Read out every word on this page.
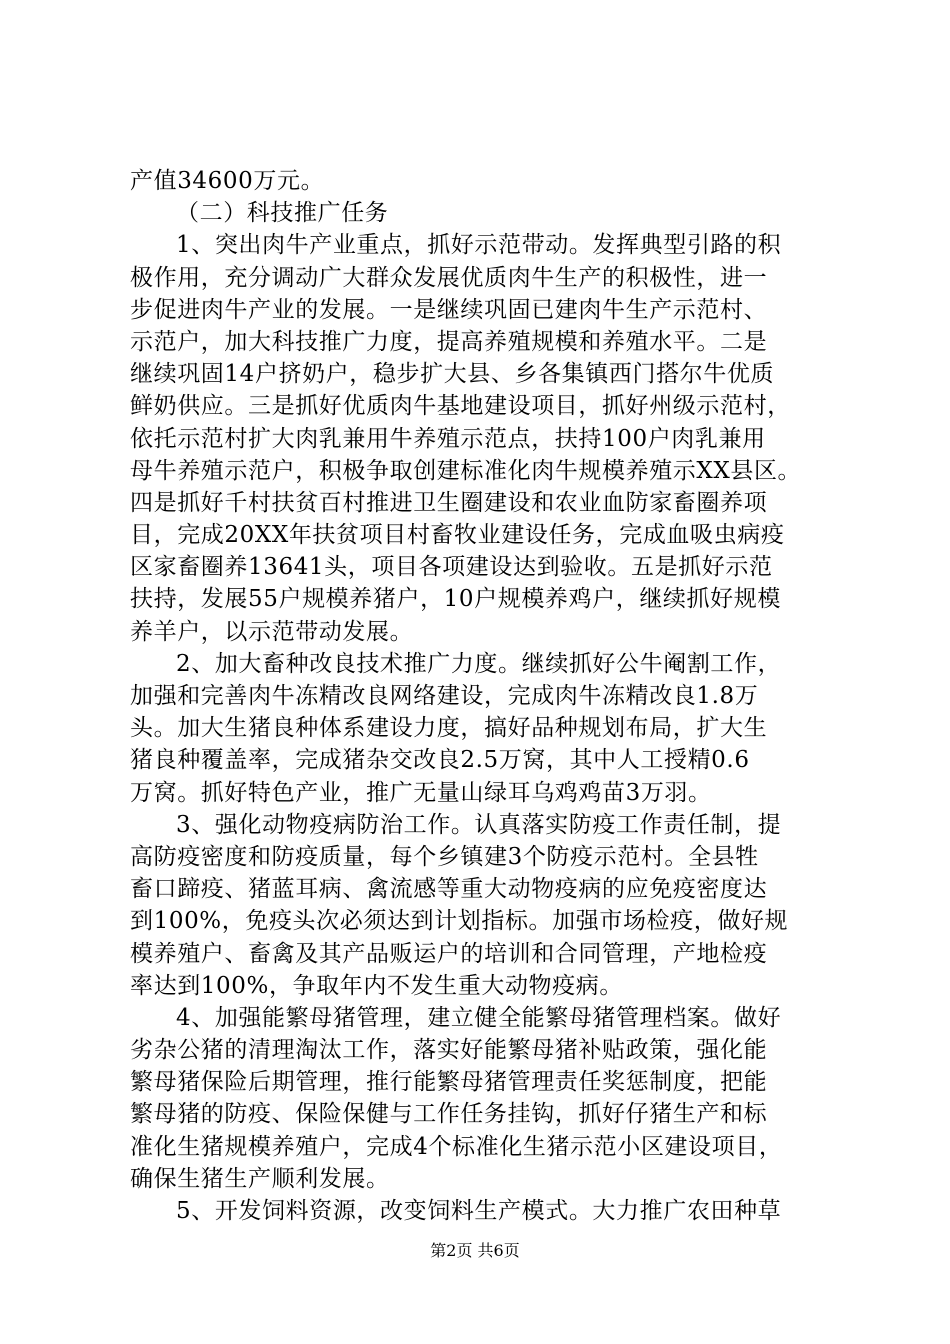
产值34600万元。
（二）科技推广任务
1、突出肉牛产业重点，抓好示范带动。发挥典型引路的积
极作用，充分调动广大群众发展优质肉牛生产的积极性，进一
步促进肉牛产业的发展。一是继续巩固已建肉牛生产示范村、
示范户，加大科技推广力度，提高养殖规模和养殖水平。二是
继续巩固14户挤奶户，稳步扩大县、乡各集镇西门搭尔牛优质
鲜奶供应。三是抓好优质肉牛基地建设项目，抓好州级示范村，
依托示范村扩大肉乳兼用牛养殖示范点，扶持100户肉乳兼用
母牛养殖示范户，积极争取创建标准化肉牛规模养殖示XX县区。
四是抓好千村扶贫百村推进卫生圈建设和农业血防家畜圈养项
目，完成20XX年扶贫项目村畜牧业建设任务，完成血吸虫病疫
区家畜圈养13641头，项目各项建设达到验收。五是抓好示范
扶持，发展55户规模养猪户，10户规模养鸡户，继续抓好规模
养羊户，以示范带动发展。
2、加大畜种改良技术推广力度。继续抓好公牛阉割工作，
加强和完善肉牛冻精改良网络建设，完成肉牛冻精改良1.8万
头。加大生猪良种体系建设力度，搞好品种规划布局，扩大生
猪良种覆盖率，完成猪杂交改良2.5万窝，其中人工授精0.6
万窝。抓好特色产业，推广无量山绿耳乌鸡鸡苗3万羽。
3、强化动物疫病防治工作。认真落实防疫工作责任制，提
高防疫密度和防疫质量，每个乡镇建3个防疫示范村。全县牲
畜口蹄疫、猪蓝耳病、禽流感等重大动物疫病的应免疫密度达
到100%，免疫头次必须达到计划指标。加强市场检疫，做好规
模养殖户、畜禽及其产品贩运户的培训和合同管理，产地检疫
率达到100%，争取年内不发生重大动物疫病。
4、加强能繁母猪管理，建立健全能繁母猪管理档案。做好
劣杂公猪的清理淘汰工作，落实好能繁母猪补贴政策，强化能
繁母猪保险后期管理，推行能繁母猪管理责任奖惩制度，把能
繁母猪的防疫、保险保健与工作任务挂钩，抓好仔猪生产和标
准化生猪规模养殖户，完成4个标准化生猪示范小区建设项目，
确保生猪生产顺利发展。
5、开发饲料资源，改变饲料生产模式。大力推广农田种草
第2页 共6页
